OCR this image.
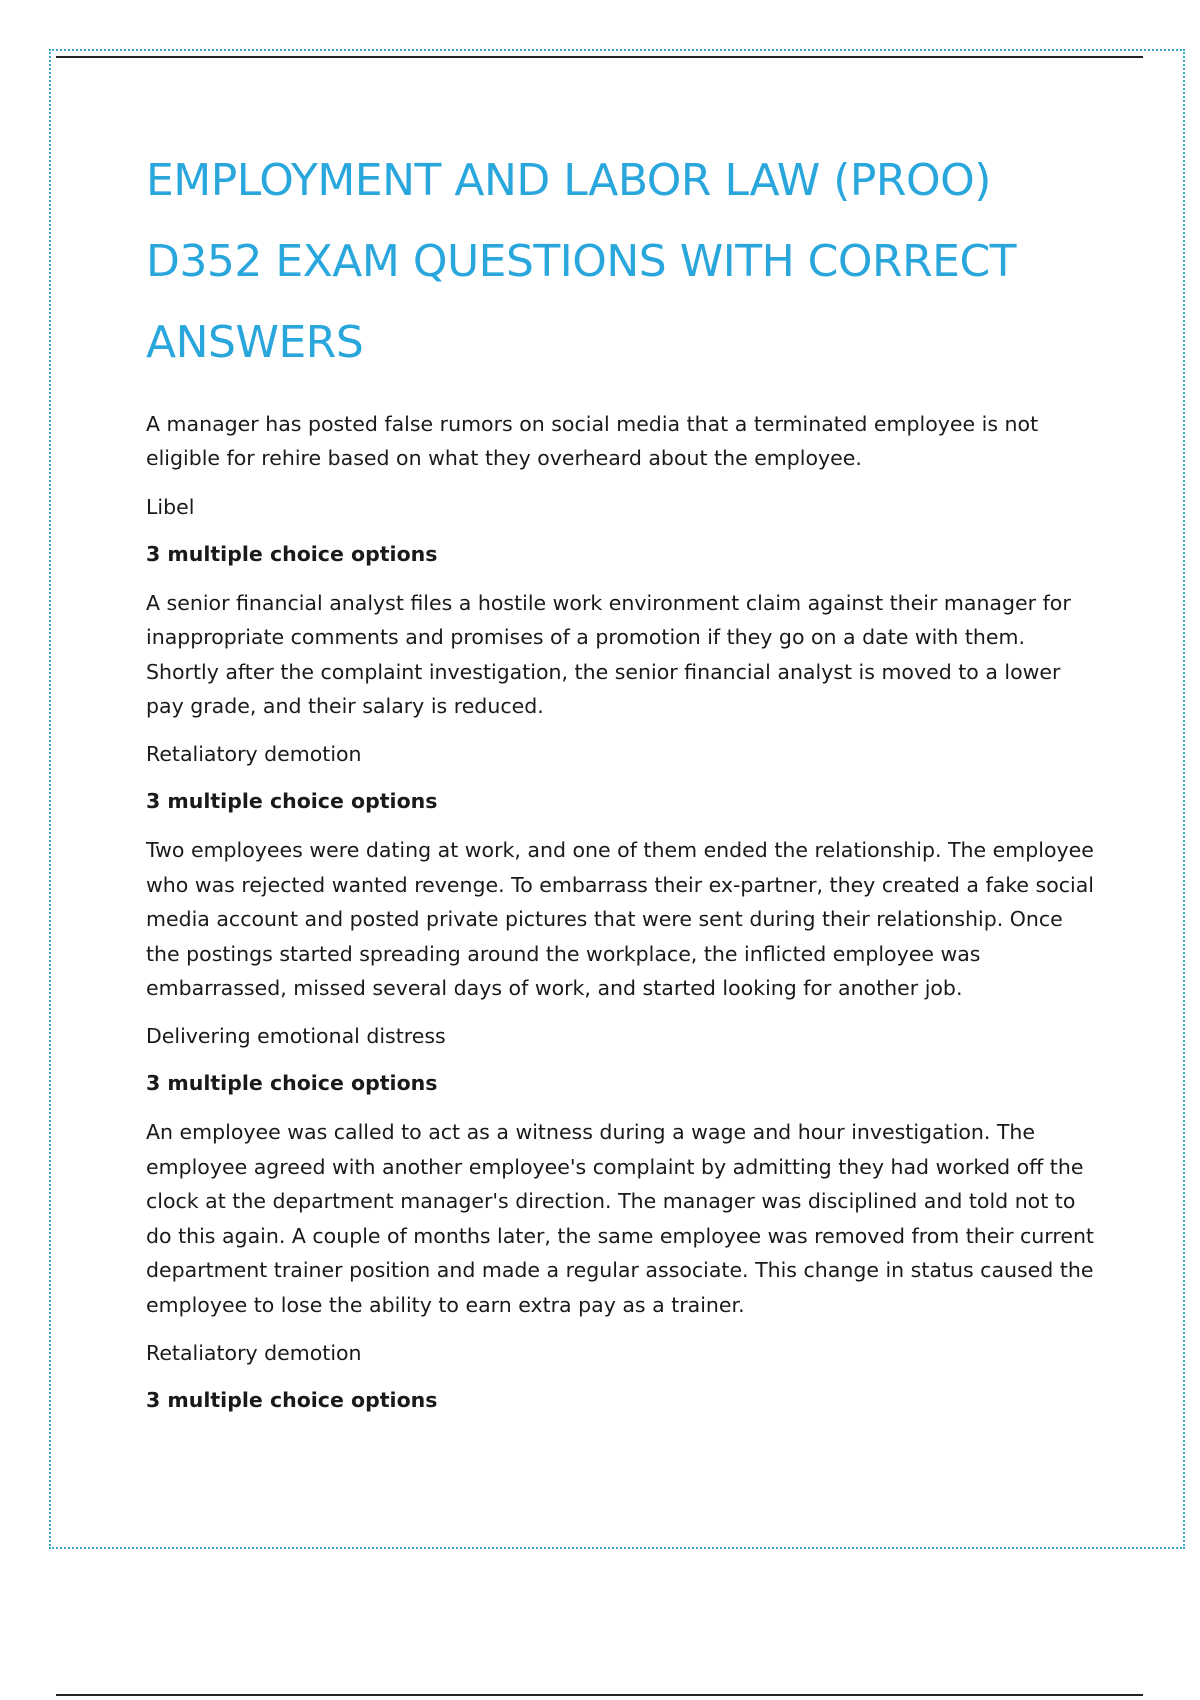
EMPLOYMENT AND LABOR LAW (PROO) D352 EXAM QUESTIONS WITH CORRECT ANSWERS

A manager has posted false rumors on social media that a terminated employee is not eligible for rehire based on what they overheard about the employee.

Libel

3 multiple choice options

A senior financial analyst files a hostile work environment claim against their manager for inappropriate comments and promises of a promotion if they go on a date with them. Shortly after the complaint investigation, the senior financial analyst is moved to a lower pay grade, and their salary is reduced.

Retaliatory demotion

3 multiple choice options

Two employees were dating at work, and one of them ended the relationship. The employee who was rejected wanted revenge. To embarrass their ex-partner, they created a fake social media account and posted private pictures that were sent during their relationship. Once the postings started spreading around the workplace, the inflicted employee was embarrassed, missed several days of work, and started looking for another job.

Delivering emotional distress

3 multiple choice options

An employee was called to act as a witness during a wage and hour investigation. The employee agreed with another employee's complaint by admitting they had worked off the clock at the department manager's direction. The manager was disciplined and told not to do this again. A couple of months later, the same employee was removed from their current department trainer position and made a regular associate. This change in status caused the employee to lose the ability to earn extra pay as a trainer.

Retaliatory demotion

3 multiple choice options
